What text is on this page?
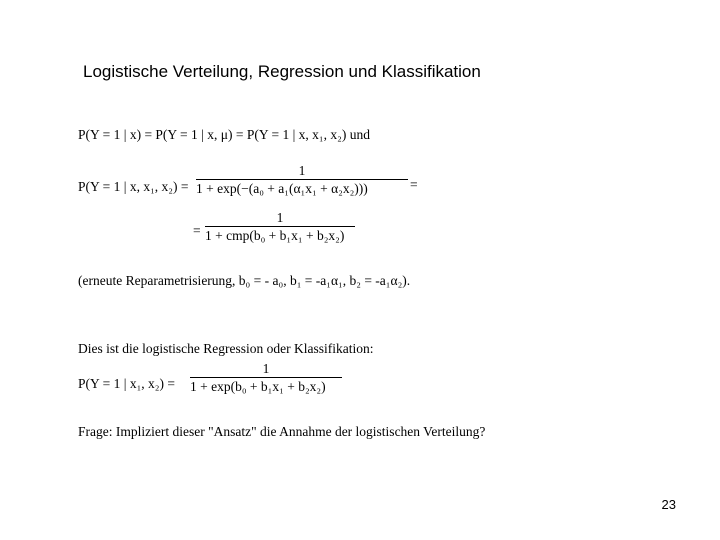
Logistische Verteilung, Regression und Klassifikation
P(Y = 1 | x) = P(Y = 1 | x, μ) = P(Y = 1 | x, x₁, x₂) und
P(Y = 1 | x, x₁, x₂) =
1
1 + exp(−(a₀ + a₁(α₁x₁ + α₂x₂)))	=
=
1
1 + cmp(b₀ + b₁x₁ + b₂x₂)
(erneute Reparametrisierung, b₀ = - a₀, b₁ = -a₁α₁, b₂ = -a₁α₂).
Dies ist die logistische Regression oder Klassifikation:
P(Y = 1 | x₁, x₂) =
1
1 + exp(b₀ + b₁x₁ + b₂x₂)
Frage: Impliziert dieser "Ansatz" die Annahme der logistischen Verteilung?
23
